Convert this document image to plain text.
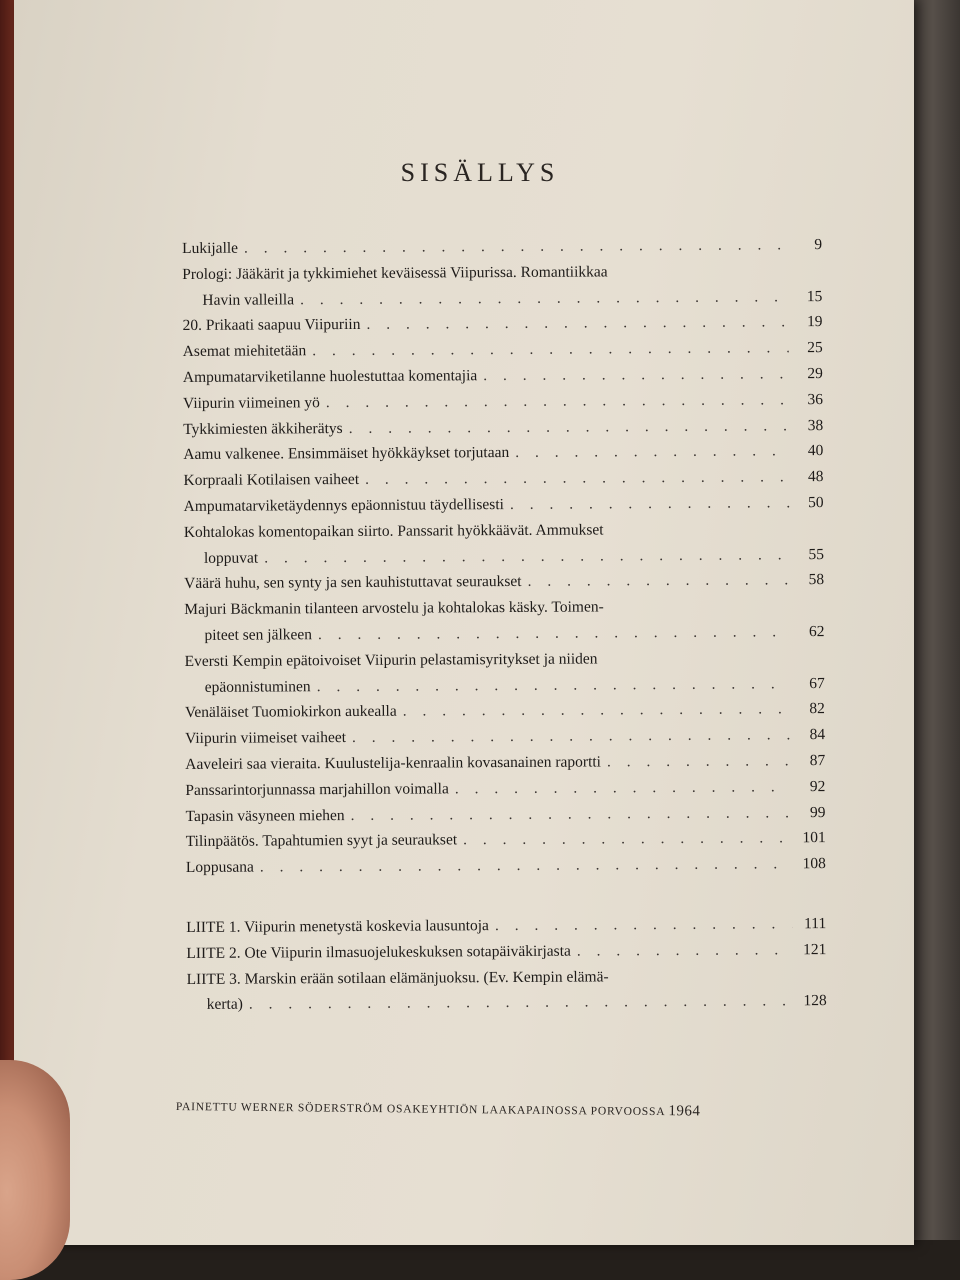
SISÄLLYS
Lukijalle . . .	9
Prologi: Jääkärit ja tykkimiehet keväisessä Viipurissa. Romantiikkaa
Havin valleilla . . .	15
20. Prikaati saapuu Viipuriin . . .	19
Asemat miehitetään . . .	25
Ampumatarviketilanne huolestuttaa komentajia . . .	29
Viipurin viimeinen yö . . .	36
Tykkimiesten äkkiherätys . . .	38
Aamu valkenee. Ensimmäiset hyökkäykset torjutaan . . .	40
Korpraali Kotilaisen vaiheet . . .	48
Ampumatarviketäydennys epäonnistuu täydellisesti . . .	50
Kohtalokas komentopaikan siirto. Panssarit hyökkäävät. Ammukset
loppuvat . . .	55
Väärä huhu, sen synty ja sen kauhistuttavat seuraukset . . .	58
Majuri Bäckmanin tilanteen arvostelu ja kohtalokas käsky. Toimen-
piteet sen jälkeen . . .	62
Eversti Kempin epätoivoiset Viipurin pelastamisyritykset ja niiden
epäonnistuminen . . .	67
Venäläiset Tuomiokirkon aukealla . . .	82
Viipurin viimeiset vaiheet . . .	84
Aaveleiri saa vieraita. Kuulustelija-kenraalin kovasanainen raportti . . .	87
Panssarintorjunnassa marjahillon voimalla . . .	92
Tapasin väsyneen miehen . . .	99
Tilinpäätös. Tapahtumien syyt ja seuraukset . . .	101
Loppusana . . .	108
LIITE 1. Viipurin menetystä koskevia lausuntoja . . .	111
LIITE 2. Ote Viipurin ilmasuojelukeskuksen sotapäiväkirjasta . . .	121
LIITE 3. Marskin erään sotilaan elämänjuoksu. (Ev. Kempin elämä-
kerta) . . .	128
PAINETTU WERNER SÖDERSTRÖM OSAKEYHTIÖN LAAKAPAINOSSA PORVOOSSA 1964
